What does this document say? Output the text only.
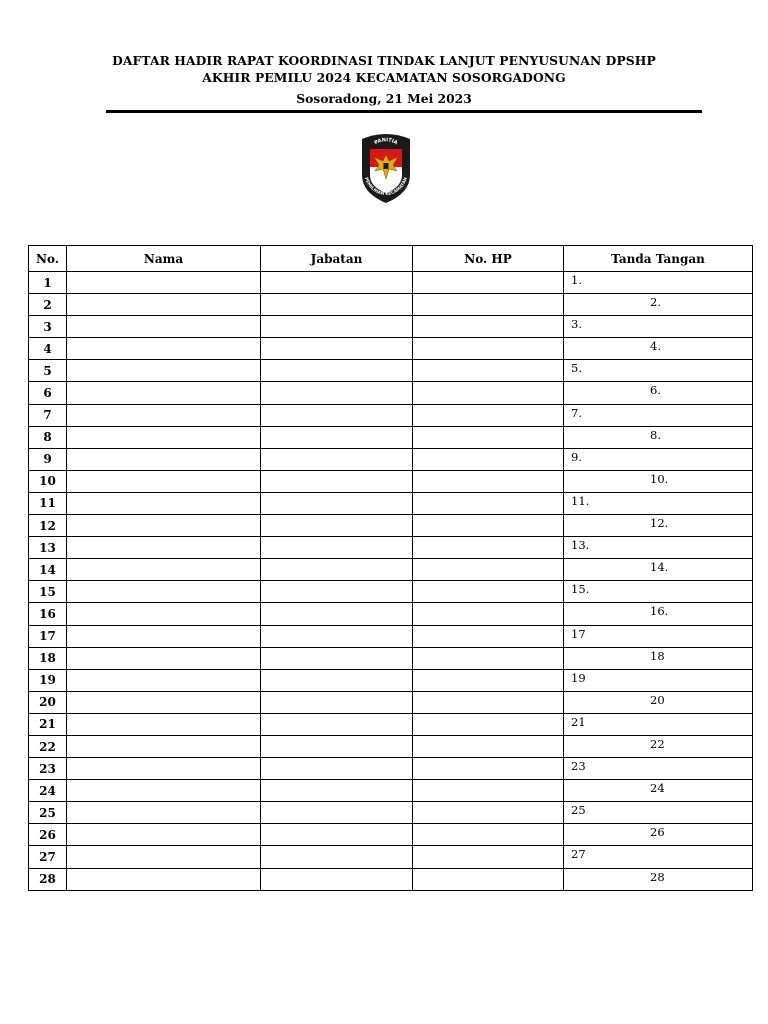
DAFTAR HADIR RAPAT KOORDINASI TINDAK LANJUT PENYUSUNAN DPSHP
AKHIR PEMILU 2024 KECAMATAN SOSORGADONG
Sosoradong, 21 Mei 2023
PANITIA
PEMILIHAN KECAMATAN
No.	Nama	Jabatan	No. HP	Tanda Tangan
1				1.

2				2.

3				3.

4				4.

5				5.

6				6.

7				7.

8				8.

9				9.

10				10.

11				11.

12				12.

13				13.

14				14.

15				15.

16				16.

17				17

18				18

19				19

20				20

21				21

22				22

23				23

24				24

25				25

26				26

27				27

28				28
